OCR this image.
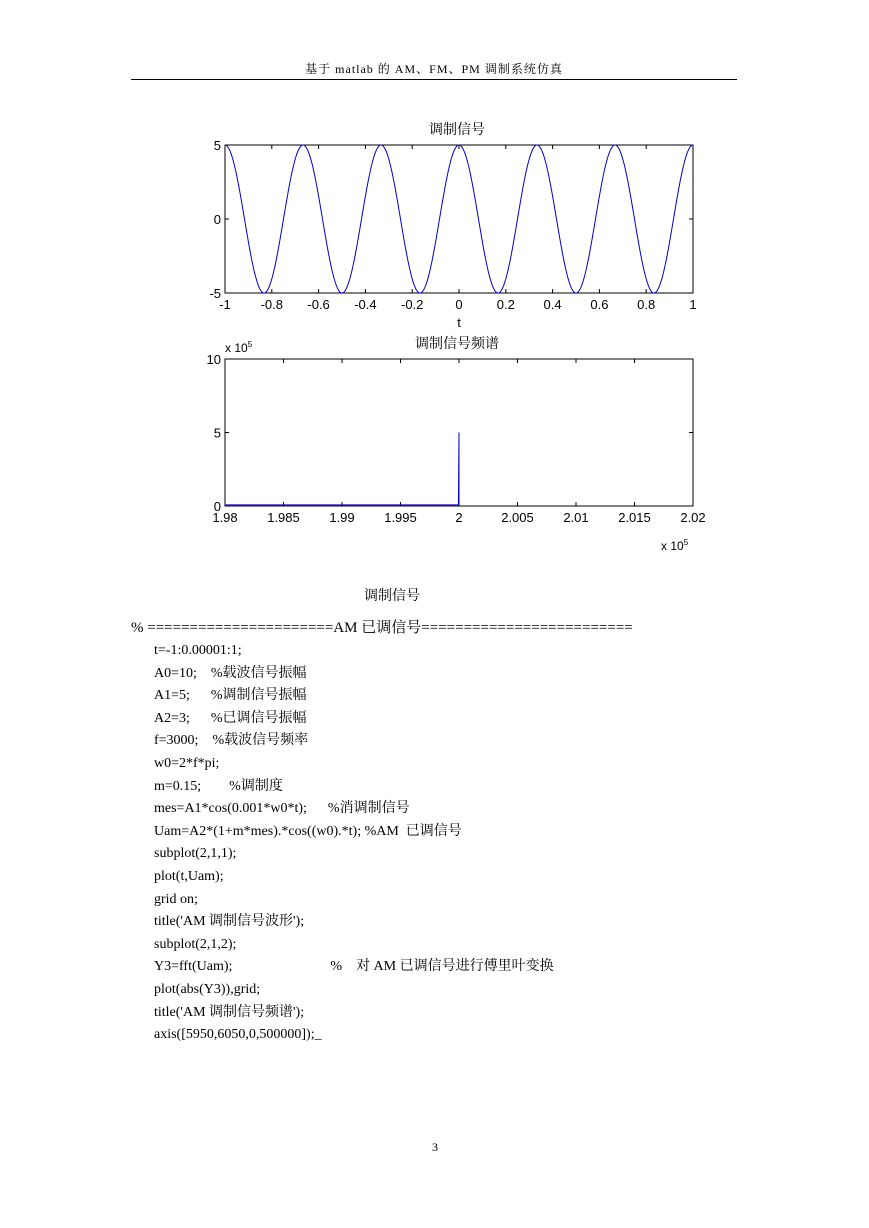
基于 matlab 的 AM、FM、PM 调制系统仿真
调制信号
-1 -0.8 -0.6 -0.4 -0.2 0	0.2 0.4 0.6 0.8	1
5
0
-5
t
调制信号频谱
x $10^5$
1.98 1.985 1.99 1.995	2	2.005 2.01 2.015 2.02
10
5
0
x $10^5$
调制信号
% ======================AM 已调信号=========================
t=-1:0.00001:1;
A0=10;    %载波信号振幅
A1=5;      %调制信号振幅
A2=3;      %已调信号振幅
f=3000;    %载波信号频率
w0=2*f*pi;
m=0.15;        %调制度
mes=A1*cos(0.001*w0*t);      %消调制信号
Uam=A2*(1+m*mes).*cos((w0).*t); %AM  已调信号
subplot(2,1,1);
plot(t,Uam);
grid on;
title('AM 调制信号波形');
subplot(2,1,2);
Y3=fft(Uam);                            %    对 AM 已调信号进行傅里叶变换
plot(abs(Y3)),grid;
title('AM 调制信号频谱');
axis([5950,6050,0,500000]);_
3
